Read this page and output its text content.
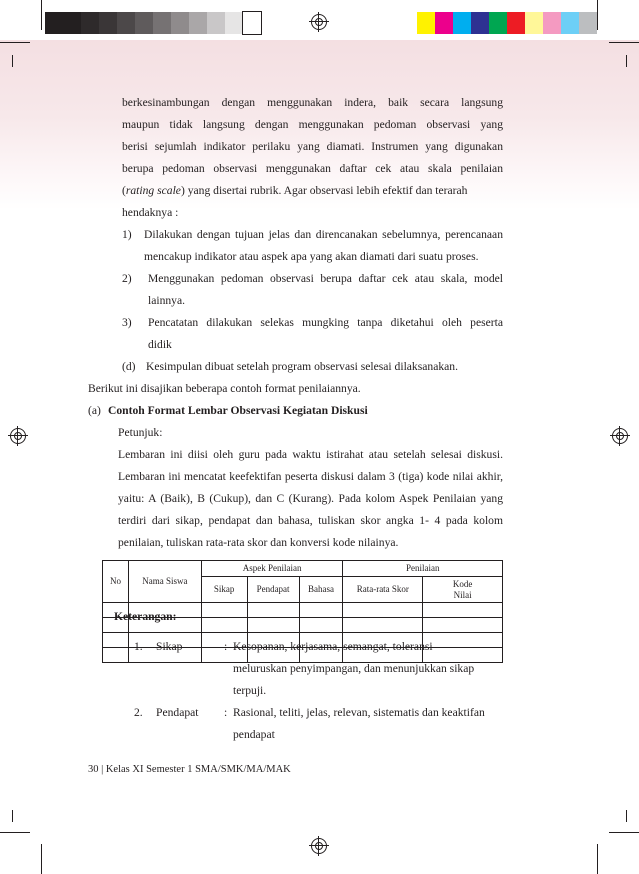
berkesinambungan dengan menggunakan indera, baik secara langsung
maupun tidak langsung dengan menggunakan pedoman observasi yang
berisi sejumlah indikator perilaku yang diamati. Instrumen yang digunakan
berupa pedoman observasi menggunakan daftar cek atau skala penilaian
(rating scale) yang disertai rubrik. Agar observasi lebih efektif dan terarah
hendaknya :
1) Dilakukan dengan tujuan jelas dan direncanakan sebelumnya, perencanaan
mencakup indikator atau aspek apa yang akan diamati dari suatu proses.
2) Menggunakan pedoman observasi berupa daftar cek atau skala, model
lainnya.
3) Pencatatan dilakukan selekas mungking tanpa diketahui oleh peserta
didik
(d) Kesimpulan dibuat setelah program observasi selesai dilaksanakan.
Berikut ini disajikan beberapa contoh format penilaiannya.
(a) Contoh Format Lembar Observasi Kegiatan Diskusi
Petunjuk:
Lembaran ini diisi oleh guru pada waktu istirahat atau setelah selesai diskusi.
Lembaran ini mencatat keefektifan peserta diskusi dalam 3 (tiga) kode nilai akhir,
yaitu: A (Baik), B (Cukup), dan C (Kurang). Pada kolom Aspek Penilaian yang
terdiri dari sikap, pendapat dan bahasa, tuliskan skor angka 1- 4 pada kolom
penilaian, tuliskan rata-rata skor dan konversi kode nilainya.
No	Nama Siswa	Aspek Penilaian			Penilaian	
		Sikap	Pendapat	Bahasa	Rata-rata Skor	Kode
Nilai

Keterangan:
1. Sikap	: Kesopanan, kerjasama, semangat, toleransi
meluruskan penyimpangan, dan menunjukkan sikap
terpuji.
2. Pendapat : Rasional, teliti, jelas, relevan, sistematis dan keaktifan
pendapat
30 | Kelas XI Semester 1 SMA/SMK/MA/MAK
